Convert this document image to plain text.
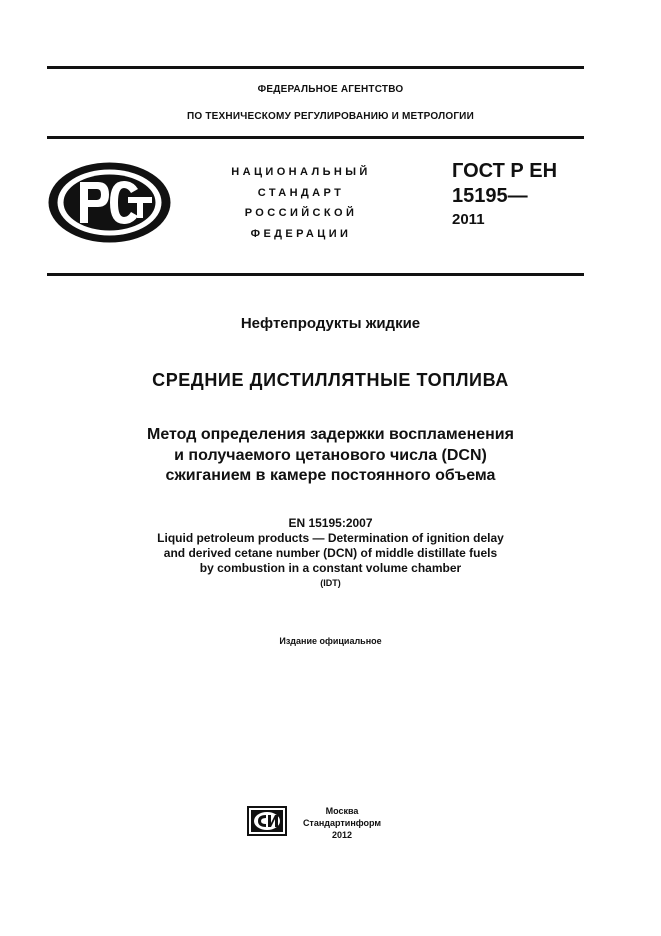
ФЕДЕРАЛЬНОЕ АГЕНТСТВО
ПО ТЕХНИЧЕСКОМУ РЕГУЛИРОВАНИЮ И МЕТРОЛОГИИ
НАЦИОНАЛЬНЫЙ
СТАНДАРТ
РОССИЙСКОЙ
ФЕДЕРАЦИИ
ГОСТ Р ЕН
15195—
2011
Нефтепродукты жидкие
СРЕДНИЕ ДИСТИЛЛЯТНЫЕ ТОПЛИВА
Метод определения задержки воспламенения
и получаемого цетанового числа (DCN)
сжиганием в камере постоянного объема
EN 15195:2007
Liquid petroleum products — Determination of ignition delay
and derived cetane number (DCN) of middle distillate fuels
by combustion in a constant volume chamber
(IDT)
Издание официальное
Москва
Стандартинформ
2012
